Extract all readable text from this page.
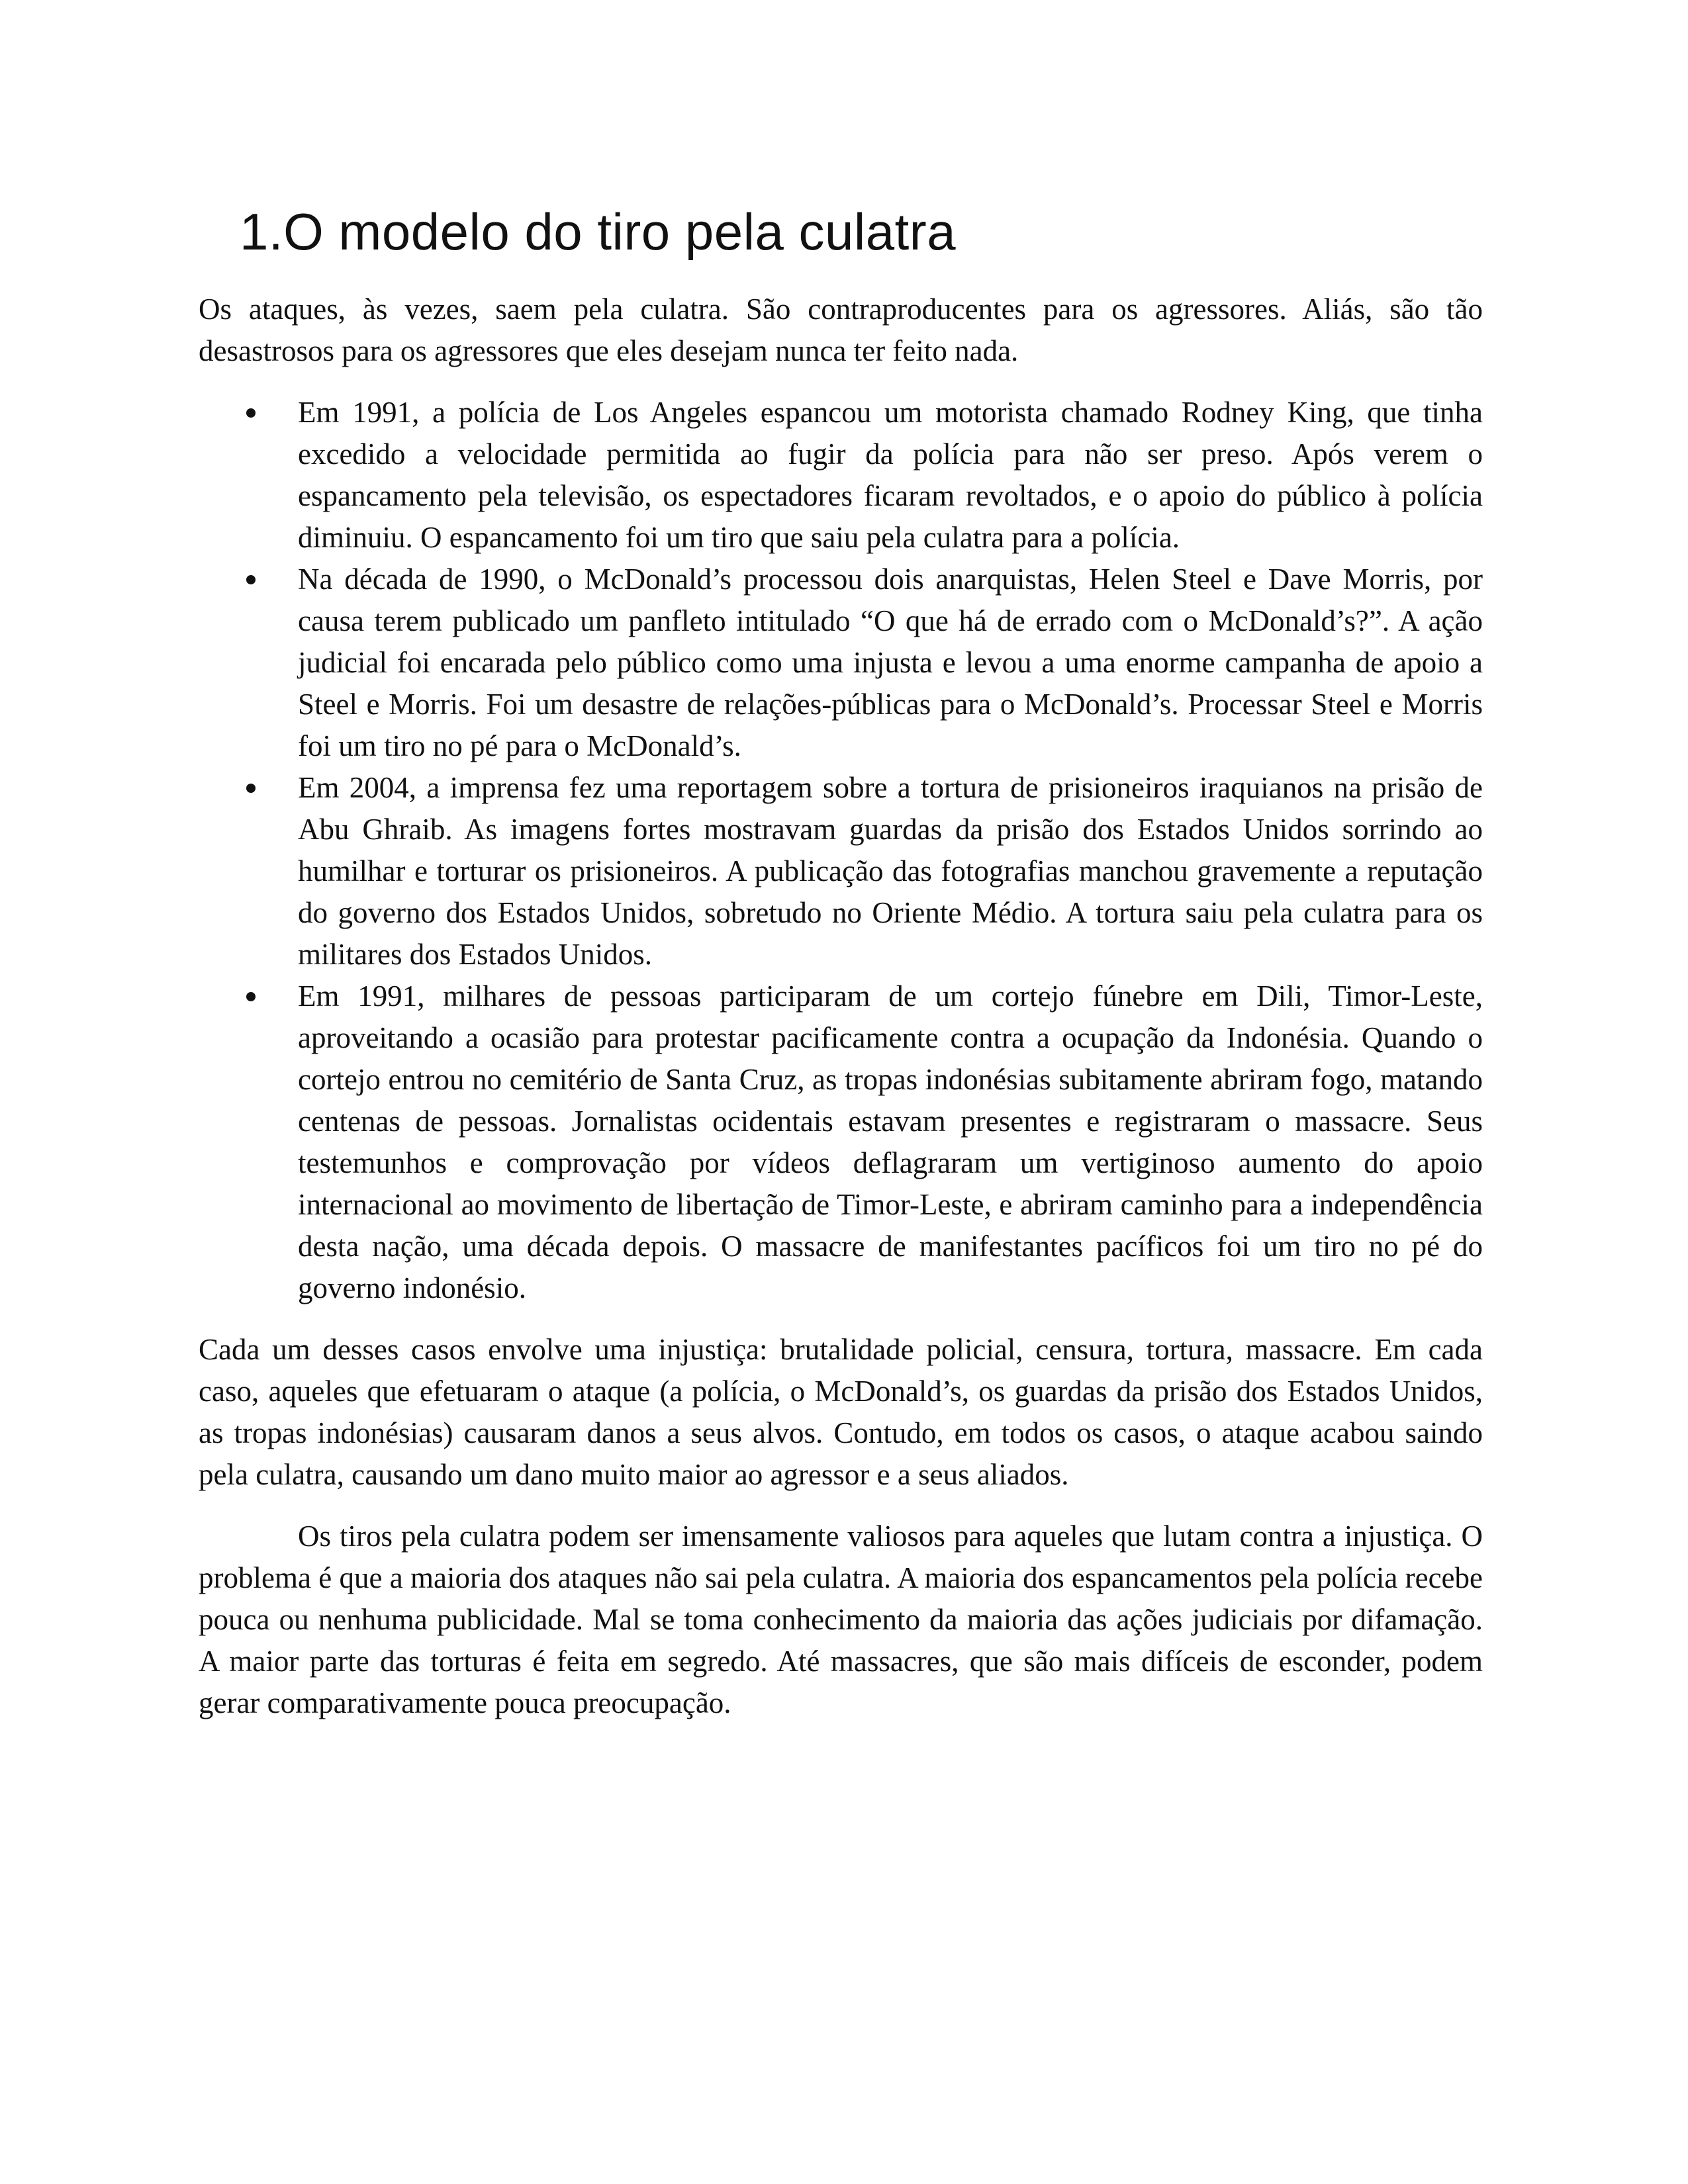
1.O modelo do tiro pela culatra

Os ataques, às vezes, saem pela culatra. São contraproducentes para os agressores. Aliás, são tão desastrosos para os agressores que eles desejam nunca ter feito nada.

Em 1991, a polícia de Los Angeles espancou um motorista chamado Rodney King, que tinha excedido a velocidade permitida ao fugir da polícia para não ser preso. Após verem o espancamento pela televisão, os espectadores ficaram revoltados, e o apoio do público à polícia diminuiu. O espancamento foi um tiro que saiu pela culatra para a polícia.
Na década de 1990, o McDonald’s processou dois anarquistas, Helen Steel e Dave Morris, por causa terem publicado um panfleto intitulado “O que há de errado com o McDonald’s?”. A ação judicial foi encarada pelo público como uma injusta e levou a uma enorme campanha de apoio a Steel e Morris. Foi um desastre de relações-públicas para o McDonald’s. Processar Steel e Morris foi um tiro no pé para o McDonald’s.
Em 2004, a imprensa fez uma reportagem sobre a tortura de prisioneiros iraquianos na prisão de Abu Ghraib. As imagens fortes mostravam guardas da prisão dos Estados Unidos sorrindo ao humilhar e torturar os prisioneiros. A publicação das fotografias manchou gravemente a reputação do governo dos Estados Unidos, sobretudo no Oriente Médio. A tortura saiu pela culatra para os militares dos Estados Unidos.
Em 1991, milhares de pessoas participaram de um cortejo fúnebre em Dili, Timor-Leste, aproveitando a ocasião para protestar pacificamente contra a ocupação da Indonésia. Quando o cortejo entrou no cemitério de Santa Cruz, as tropas indonésias subitamente abriram fogo, matando centenas de pessoas. Jornalistas ocidentais estavam presentes e registraram o massacre. Seus testemunhos e comprovação por vídeos deflagraram um vertiginoso aumento do apoio internacional ao movimento de libertação de Timor-Leste, e abriram caminho para a independência desta nação, uma década depois. O massacre de manifestantes pacíficos foi um tiro no pé do governo indonésio.

Cada um desses casos envolve uma injustiça: brutalidade policial, censura, tortura, massacre. Em cada caso, aqueles que efetuaram o ataque (a polícia, o McDonald’s, os guardas da prisão dos Estados Unidos, as tropas indonésias) causaram danos a seus alvos. Contudo, em todos os casos, o ataque acabou saindo pela culatra, causando um dano muito maior ao agressor e a seus aliados.

Os tiros pela culatra podem ser imensamente valiosos para aqueles que lutam contra a injustiça. O problema é que a maioria dos ataques não sai pela culatra. A maioria dos espancamentos pela polícia recebe pouca ou nenhuma publicidade. Mal se toma conhecimento da maioria das ações judiciais por difamação. A maior parte das torturas é feita em segredo. Até massacres, que são mais difíceis de esconder, podem gerar comparativamente pouca preocupação.
